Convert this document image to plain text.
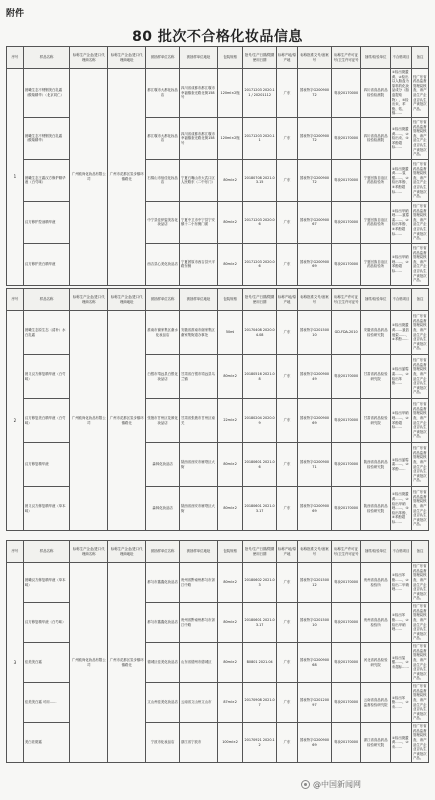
附件
80 批次不合格化妆品信息
序号	样品名称	标称生产企业/进口代理商名称	标称生产企业/进口代理商地址	被抽样单位名称	被抽样单位地址	包装规格	批号/生产日期/限期使用日期	标称产地/原产地	标称批准文号/备案号	标称生产许可证号/卫生许可证号	抽样/检验单位	不合格项目	备注
1	晨曦生态不锈钢美白乳霜（酸菊精华）（北京同仁）	广州欧尚化妆品有限公司	广州市花都区炭步镇环镇路北	都江堰市大都化妆品店	四川省成都市都江堰市幸福镇奎光路北街158号	120ml×2瓶	20171203 2020.11 / 20201112	广东	国妆特字G20090072	粤妆20170000	四川省食品药品检验检测院	①检出斑蝥黄、②检出以人胎盘为原料的化妆品成分（胎盘提取物），③检出汞、苯酚、钴、镉……	经广东省药品监督管理局核查，该产品生产企业否认生产该批次产品。
	晨曦生态不锈钢美白乳霜（酸菊精华）			都江堰市大都化妆品店	四川省成都市都江堰市幸福镇奎光路北街158号	120ml×2瓶	20171203 2020.11	广东	国妆特字G20090072	粤妆20170000	四川省食品药品检验检测院	①检出斑蝥黄……、②检出汞、③苯酚超标……	经广东省药品监督管理局核查，该产品生产企业否认生产该批次产品。
	晨曦生态王霜汉方修护精华液（白芍味）			石棉山市佰佳化妆品店	宁夏石嘴山市大武口区人民路东（二中东门）	80ml×2	20180708 2021.03.15	广东	国妆特字G20090072	粤妆20170000	宁夏回族自治区药品检验所	①检出斑蝥黄……氢醌……、②检出苯酚、③苯酚超标……	经广东省药品监督管理局核查，该产品生产企业否认生产该批次产品。
	汉方修护控油精华液			中宁县佳伊姿美容化妆品店	宁夏中卫市中宁县宁安镇十二小东侧门面	80ml×2	20171203 2020.06	广东	国妆特字G20090067	粤妆20170000	宁夏回族自治区药品检验所	①检出甲硝唑……氯霉素……、②检出苯酚、③苯酚超标……	经广东省药品监督管理局核查，该产品生产企业否认生产该批次产品。
	汉方修护美白精华液			西吉县心美化妆品店	宁夏固原市西吉县兴平路东侧	80ml×2	20171203 2020.06	广东	国妆特字G20090069	粤妆20170000	宁夏回族自治区药品检验所	①检出甲硝唑……、②苯酚超标……	经广东省药品监督管理局核查，该产品生产企业否认生产该批次产品。
序号	样品名称	标称生产企业/进口代理商名称	标称生产企业/进口代理商地址	被抽样单位名称	被抽样单位地址	包装规格	批号/生产日期/限期使用日期	标称产地/原产地	标称批准文号/备案号	标称生产许可证号/卫生许可证号	抽样/检验单位	不合格项目	备注
2	晨曦生态原生态（清补）水白乳霜	广州欧尚化妆品有限公司	广州市花都区炭步镇环镇路北	淮南市谢家集区谢水化妆品店	安徽省淮南市谢家集区谢家集街道办事处	50ml	20170408 2020.04.08	广东	国妆特字G20150010	GD-FDA-2010	安徽省食品药品检验研究院	①检出斑蝥黄……氯倍他索……、②苯酚……	经广东省药品监督管理局核查，该产品生产企业否认生产该批次产品。
	晨义汉方修复精华液（白芍味）			白银市靖远县白银化妆品店	甘肃省白银市靖远县乌兰镇	80ml×2	20180516 2021.08	广东	国妆特字G20090049	粤妆20170000	甘肃省药品检验研究院	①检出氯霉素……、②检出苯酚……	经广东省药品监督管理局核查，该产品生产企业否认生产该批次产品。
	汉方修复美白精华液（白芍味）			张掖市甘州区花颜化妆品店	甘肃省张掖市甘州区南关	22ml×2	20180204 2020.09	广东	国妆特字G20090069	粤妆20170000	甘肃省药品检验研究院	①检出甲硝唑……、②苯酚超标……	经广东省药品监督管理局核查，该产品生产企业否认生产该批次产品。
	汉方修复精华液			森林化妆品店	陕西省西安市雁塔区大街	80ml×2	20180601 2021.06	广东	国妆特字G20090071	粤妆20170000	陕西省食品药品检验研究院	①检出氯霉素……、②苯酚……	经广东省药品监督管理局核查，该产品生产企业否认生产该批次产品。
	晨义汉方修复精华液（草本味）			森林化妆品店	陕西省西安市雁塔区大街	80ml×2	20180601 2021.03.17	广东	国妆特字G20090069	粤妆20170000	陕西省食品药品检验研究院	①检出斑蝥黄……、②检出甲硝唑……、③检出苯酚、④苯酚超标……	经广东省药品监督管理局核查，该产品生产企业否认生产该批次产品。
序号	样品名称	标称生产企业/进口代理商名称	标称生产企业/进口代理商地址	被抽样单位名称	被抽样单位地址	包装规格	批号/生产日期/限期使用日期	标称产地/原产地	标称批准文号/备案号	标称生产许可证号/卫生许可证号	抽样/检验单位	不合格项目	备注
3	晨曦汉方修复精华液（草本味）	广州欧尚化妆品有限公司	广州市花都区炭步镇环镇路北	都匀市鑫鑫化妆品店	贵州省黔南州都匀市剑江中路	80ml×2	20180602 2021.03	广东	国妆特字G20150012	粤妆20170000	贵州省食品药品检验所	①检出苯酚……、②检出二甲硝唑……	经广东省药品监督管理局核查，该产品生产企业否认生产该批次产品。
	汉方修复精华液（白芍味）			都匀市鑫鑫化妆品店	贵州省黔南州都匀市剑江中路	80ml×2	20180601 2021.03.17	广东	国妆特字G20150010	粤妆20170000	贵州省食品药品检验所	①检出苯酚……、②检出甲硝唑……	经广东省药品监督管理局核查，该产品生产企业否认生产该批次产品。
	佳美美白霜			德城区佳美化妆品店	山东省德州市德城区	80ml×2	B0801 2021.04	广东	国妆特字G20090068	粤妆20170000	河北省药品检验研究院	①检出氢醌……、②汞超标……	经广东省药品监督管理局核查，该产品生产企业否认生产该批次产品。
	佳美美白霜 可用……			文山州佳美化妆品店	云南省文山州文山市	87ml×2	20170908 2021.07	广东	国妆特字G20120097	粤妆20170000	云南省食品药品监督检验研究院	①检出苯酚……、②汞……	经广东省药品监督管理局核查，该产品生产企业否认生产该批次产品。
	美白祛斑霜			宁波市化妆品店	浙江省宁波市	100ml×2	20170921 2020.12	广东	国妆特字G20090069	粤妆20170000	浙江省食品药品检验研究院	①检出斑蝥黄……、②汞……	经广东省药品监督管理局核查，该产品生产企业否认生产该批次产品。
@中国新闻网
